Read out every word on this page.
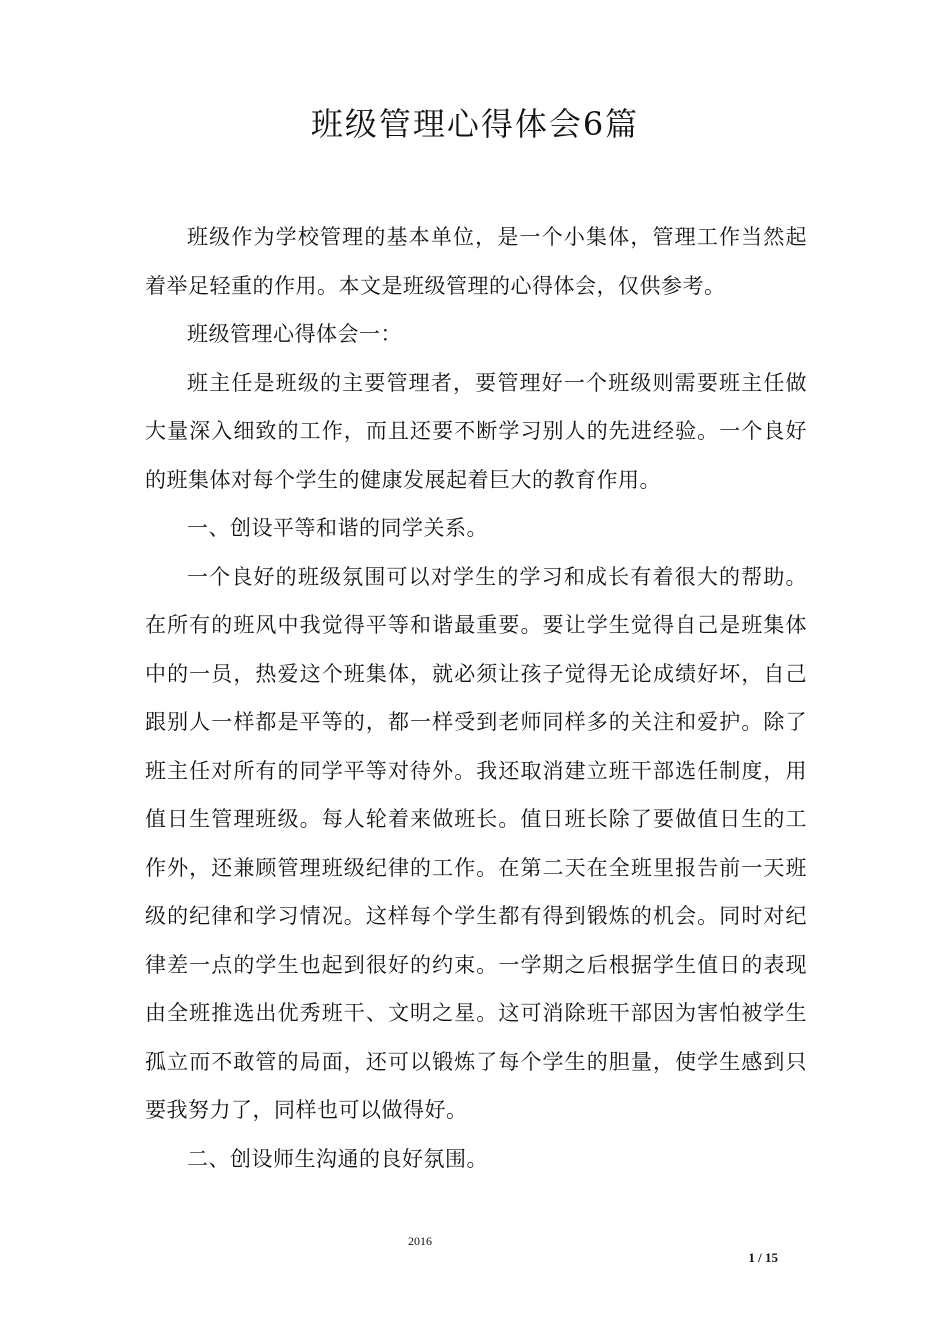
班级管理心得体会6篇

班级作为学校管理的基本单位，是一个小集体，管理工作当然起着举足轻重的作用。本文是班级管理的心得体会，仅供参考。

班级管理心得体会一：

班主任是班级的主要管理者，要管理好一个班级则需要班主任做大量深入细致的工作，而且还要不断学习别人的先进经验。一个良好的班集体对每个学生的健康发展起着巨大的教育作用。

一、创设平等和谐的同学关系。

一个良好的班级氛围可以对学生的学习和成长有着很大的帮助。在所有的班风中我觉得平等和谐最重要。要让学生觉得自己是班集体中的一员，热爱这个班集体，就必须让孩子觉得无论成绩好坏，自己跟别人一样都是平等的，都一样受到老师同样多的关注和爱护。除了班主任对所有的同学平等对待外。我还取消建立班干部选任制度，用值日生管理班级。每人轮着来做班长。值日班长除了要做值日生的工作外，还兼顾管理班级纪律的工作。在第二天在全班里报告前一天班级的纪律和学习情况。这样每个学生都有得到锻炼的机会。同时对纪律差一点的学生也起到很好的约束。一学期之后根据学生值日的表现由全班推选出优秀班干、文明之星。这可消除班干部因为害怕被学生孤立而不敢管的局面，还可以锻炼了每个学生的胆量，使学生感到只要我努力了，同样也可以做得好。

二、创设师生沟通的良好氛围。

2016
1 / 15
